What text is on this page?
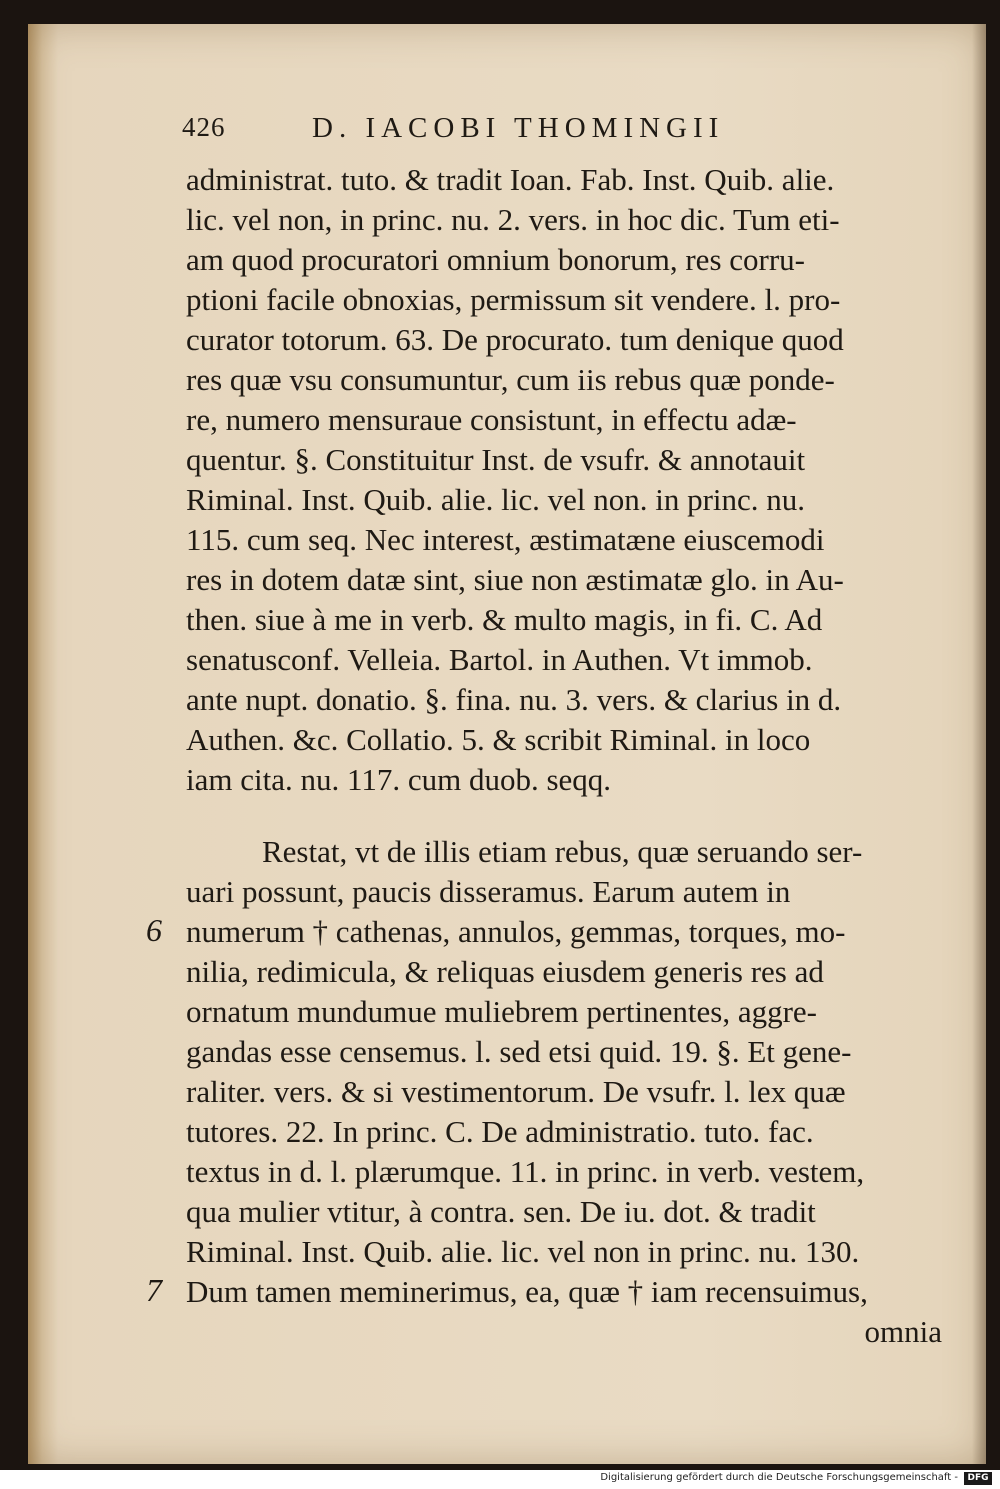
426	D. IACOBI THOMINGII
administrat. tuto. & tradit Ioan. Fab. Inst. Quib. alie.
lic. vel non, in princ. nu. 2. vers. in hoc dic. Tum eti-
am quod procuratori omnium bonorum, res corru-
ptioni facile obnoxias, permissum sit vendere. l. pro-
curator totorum. 63. De procurato. tum denique quod
res quæ vsu consumuntur, cum iis rebus quæ ponde-
re, numero mensuraue consistunt, in effectu adæ-
quentur. §. Constituitur Inst. de vsufr. & annotauit
Riminal. Inst. Quib. alie. lic. vel non. in princ. nu.
115. cum seq. Nec interest, æstimatæne eiuscemodi
res in dotem datæ sint, siue non æstimatæ glo. in Au-
then. siue à me in verb. & multo magis, in fi. C. Ad
senatusconf. Velleia. Bartol. in Authen. Vt immob.
ante nupt. donatio. §. fina. nu. 3. vers. & clarius in d.
Authen. &c. Collatio. 5. & scribit Riminal. in loco
iam cita. nu. 117. cum duob. seqq.
Restat, vt de illis etiam rebus, quæ seruando ser-
uari possunt, paucis disseramus. Earum autem in
numerum † cathenas, annulos, gemmas, torques, mo-
nilia, redimicula, & reliquas eiusdem generis res ad
ornatum mundumue muliebrem pertinentes, aggre-
gandas esse censemus. l. sed etsi quid. 19. §. Et gene-
raliter. vers. & si vestimentorum. De vsufr. l. lex quæ
tutores. 22. In princ. C. De administratio. tuto. fac.
textus in d. l. plærumque. 11. in princ. in verb. vestem,
qua mulier vtitur, à contra. sen. De iu. dot. & tradit
Riminal. Inst. Quib. alie. lic. vel non in princ. nu. 130.
Dum tamen meminerimus, ea, quæ † iam recensuimus,
omnia
6
7
Digitalisierung gefördert durch die Deutsche Forschungsgemeinschaft -	DFG
